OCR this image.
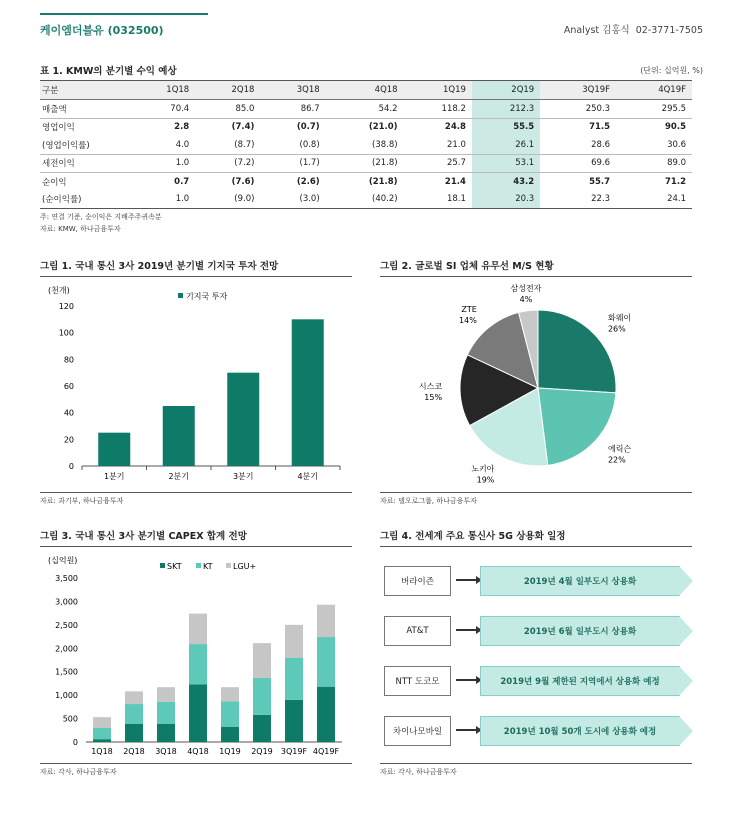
케이엠더블유 (032500)	Analyst 김홍식 02-3771-7505
표 1. KMW의 분기별 수익 예상	(단위: 십억원, %)
구분	1Q18	2Q18	3Q18	4Q18	1Q19	2Q19	3Q19F	4Q19F
매출액	70.4	85.0	86.7	54.2	118.2	212.3	250.3	295.5
영업이익	2.8	(7.4)	(0.7)	(21.0)	24.8	55.5	71.5	90.5
(영업이익률)	4.0	(8.7)	(0.8)	(38.8)	21.0	26.1	28.6	30.6
세전이익	1.0	(7.2)	(1.7)	(21.8)	25.7	53.1	69.6	89.0
순이익	0.7	(7.6)	(2.6)	(21.8)	21.4	43.2	55.7	71.2
(순이익률)	1.0	(9.0)	(3.0)	(40.2)	18.1	20.3	22.3	24.1
주: 연결 기준, 순이익은 지배주주귀속분
자료: KMW, 하나금융투자
그림 1. 국내 통신 3사 2019년 분기별 기지국 투자 전망
(천개)
0
20
40
60
80
100
120
기지국 투자
1분기	2분기	3분기	4분기
자료: 과기부, 하나금융투자
그림 2. 글로벌 SI 업체 유무선 M/S 현황
화웨이
26%
에릭슨
22%
노키아
19%
시스코
15%
ZTE
14%
삼성전자
4%
자료: 델오로그룹, 하나금융투자
그림 3. 국내 통신 3사 분기별 CAPEX 합계 전망
(십억원)
0
500
1,000
1,500
2,000
2,500
3,000
3,500
SKT	KT	LGU+
1Q18 2Q18 3Q18 4Q18 1Q19 2Q19 3Q19F 4Q19F
자료: 각사, 하나금융투자
그림 4. 전세계 주요 통신사 5G 상용화 일정
버라이즌	2019년 4월 일부도시 상용화
AT&T	2019년 6월 일부도시 상용화
NTT 도코모	2019년 9월 제한된 지역에서 상용화 예정
차이나모바일	2019년 10월 50개 도시에 상용화 예정
자료: 각사, 하나금융투자
